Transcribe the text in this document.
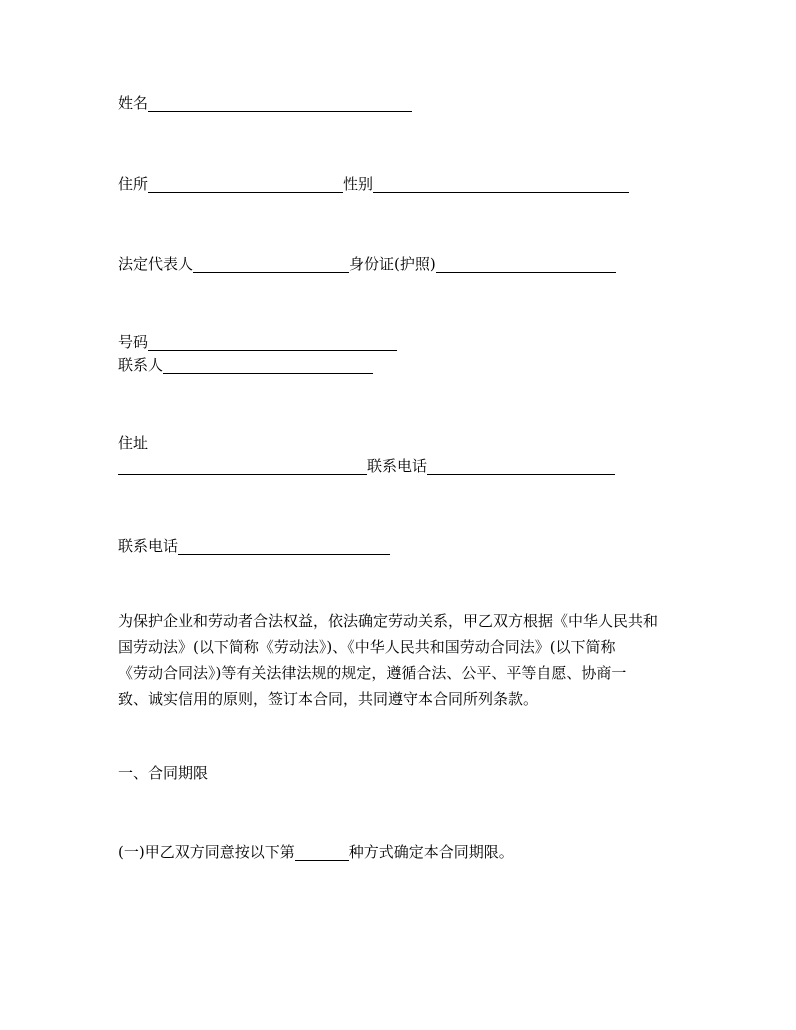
姓名
住所	性别
法定代表人	身份证(护照)
号码
联系人
住址
联系电话
联系电话
为保护企业和劳动者合法权益，依法确定劳动关系，甲乙双方根据《中华人民共和
国劳动法》(以下简称《劳动法》)、《中华人民共和国劳动合同法》(以下简称
《劳动合同法》)等有关法律法规的规定，遵循合法、公平、平等自愿、协商一
致、诚实信用的原则，签订本合同，共同遵守本合同所列条款。
一、合同期限
(一)甲乙双方同意按以下第	种方式确定本合同期限。
